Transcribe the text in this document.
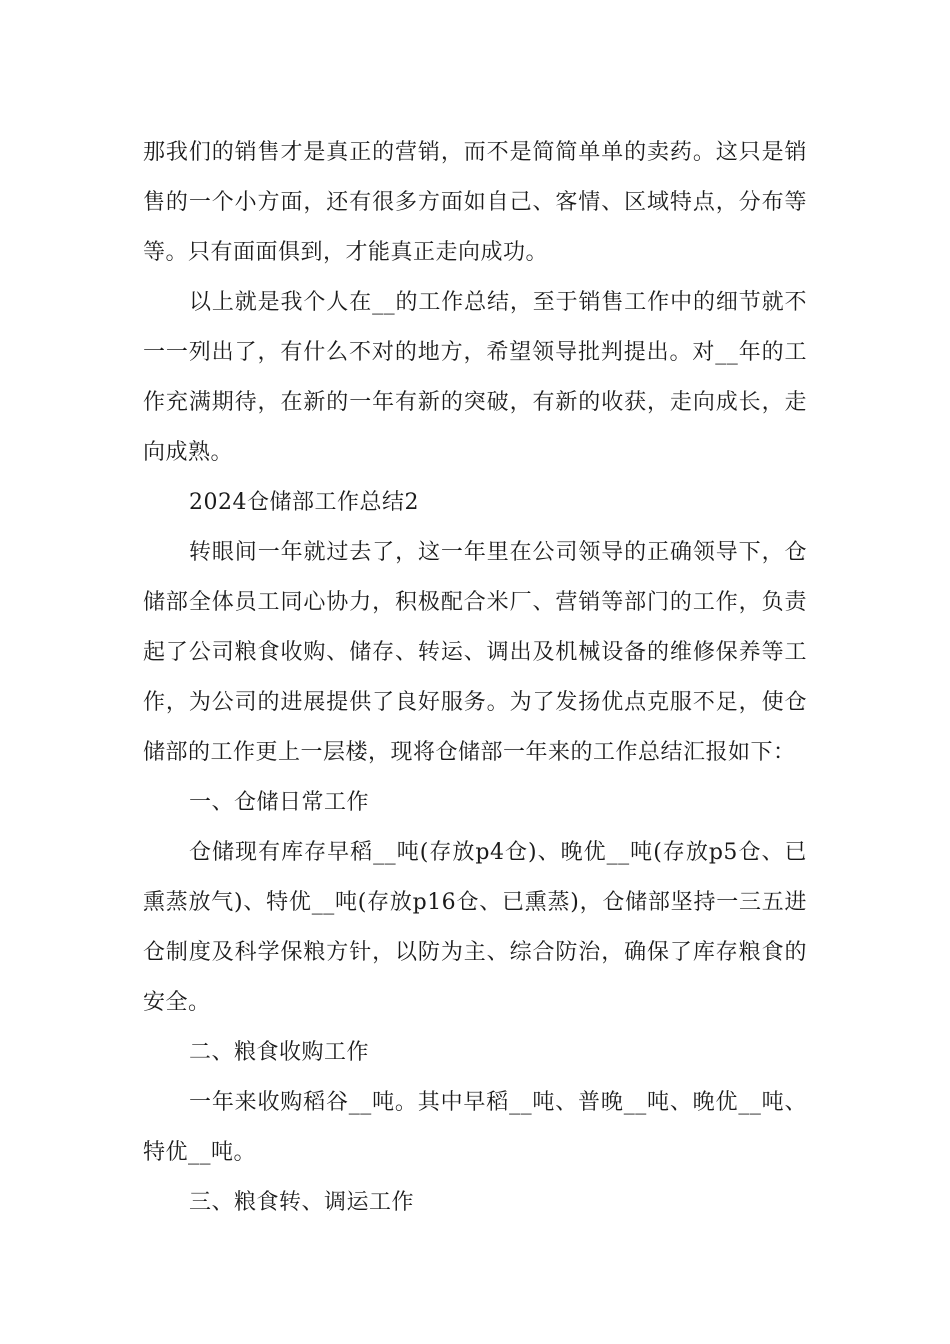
那我们的销售才是真正的营销，而不是简简单单的卖药。这只是销售的一个小方面，还有很多方面如自己、客情、区域特点，分布等等。只有面面俱到，才能真正走向成功。

以上就是我个人在__的工作总结，至于销售工作中的细节就不一一列出了，有什么不对的地方，希望领导批判提出。对__年的工作充满期待，在新的一年有新的突破，有新的收获，走向成长，走向成熟。

2024仓储部工作总结2

转眼间一年就过去了，这一年里在公司领导的正确领导下，仓储部全体员工同心协力，积极配合米厂、营销等部门的工作，负责起了公司粮食收购、储存、转运、调出及机械设备的维修保养等工作，为公司的进展提供了良好服务。为了发扬优点克服不足，使仓储部的工作更上一层楼，现将仓储部一年来的工作总结汇报如下：

一、仓储日常工作

仓储现有库存早稻__吨(存放p4仓)、晚优__吨(存放p5仓、已熏蒸放气)、特优__吨(存放p16仓、已熏蒸)，仓储部坚持一三五进仓制度及科学保粮方针，以防为主、综合防治，确保了库存粮食的安全。

二、粮食收购工作

一年来收购稻谷__吨。其中早稻__吨、普晚__吨、晚优__吨、特优__吨。

三、粮食转、调运工作
